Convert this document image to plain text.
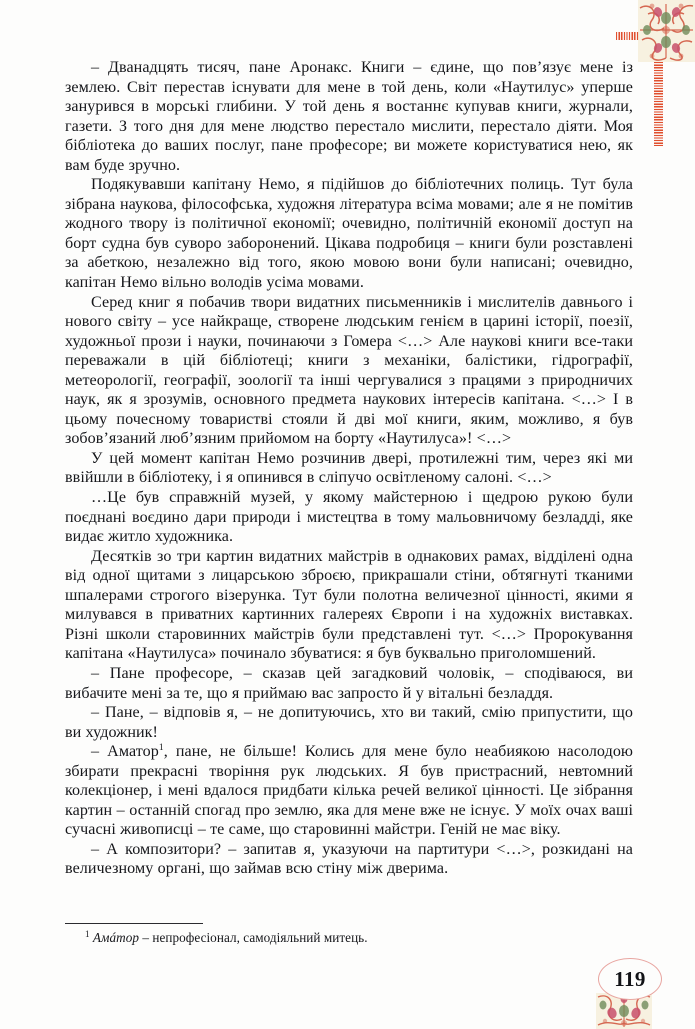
– Дванадцять тисяч, пане Аронакс. Книги – єдине, що пов’язує мене із землею. Світ перестав існувати для мене в той день, коли «Наутилус» уперше занурився в морські глибини. У той день я востаннє купував книги, журнали, газети. З того дня для мене людство перестало мислити, перестало діяти. Моя бібліотека до ваших послуг, пане професоре; ви можете користуватися нею, як вам буде зручно.

Подякувавши капітану Немо, я підійшов до бібліотечних полиць. Тут була зібрана наукова, філософська, художня література всіма мовами; але я не помітив жодного твору із політичної економії; очевидно, політичній економії доступ на борт судна був суворо заборонений. Цікава подробиця – книги були розставлені за абеткою, незалежно від того, якою мовою вони були написані; очевидно, капітан Немо вільно володів усіма мовами.

Серед книг я побачив твори видатних письменників і мислителів давнього і нового світу – усе найкраще, створене людським генієм в царині історії, поезії, художньої прози і науки, починаючи з Гомера <…> Але наукові книги все-таки переважали в цій бібліотеці; книги з механіки, балістики, гідрографії, метеорології, географії, зоології та інші чергувалися з працями з природничих наук, як я зрозумів, основного предмета наукових інтересів капітана. <…> І в цьому почесному товаристві стояли й дві мої книги, яким, можливо, я був зобов’язаний люб’язним прийомом на борту «Наутилуса»! <…>

У цей момент капітан Немо розчинив двері, протилежні тим, через які ми ввійшли в бібліотеку, і я опинився в сліпучо освітленому салоні. <…>

…Це був справжній музей, у якому майстерною і щедрою рукою були поєднані воєдино дари природи і мистецтва в тому мальовничому безладді, яке видає житло художника.

Десятків зо три картин видатних майстрів в однакових рамах, відділені одна від одної щитами з лицарською зброєю, прикрашали стіни, обтягнуті тканими шпалерами строгого візерунка. Тут були полотна величезної цінності, якими я милувався в приватних картинних галереях Європи і на художніх виставках. Різні школи старовинних майстрів були представлені тут. <…> Пророкування капітана «Наутилуса» починало збуватися: я був буквально приголомшений.

– Пане професоре, – сказав цей загадковий чоловік, – сподіваюся, ви вибачите мені за те, що я приймаю вас запросто й у вітальні безладдя.

– Пане, – відповів я, – не допитуючись, хто ви такий, смію припустити, що ви художник!

– Аматор$^1$, пане, не більше! Колись для мене було неабиякою насолодою збирати прекрасні творіння рук людських. Я був пристрасний, невтомний колекціонер, і мені вдалося придбати кілька речей великої цінності. Це зібрання картин – останній спогад про землю, яка для мене вже не існує. У моїх очах ваші сучасні живописці – те саме, що старовинні майстри. Геній не має віку.

– А композитори? – запитав я, указуючи на партитури <…>, розкидані на величезному органі, що займав всю стіну між дверима.

$^1$ Амáтор – непрофесіонал, самодіяльний митець.

119
